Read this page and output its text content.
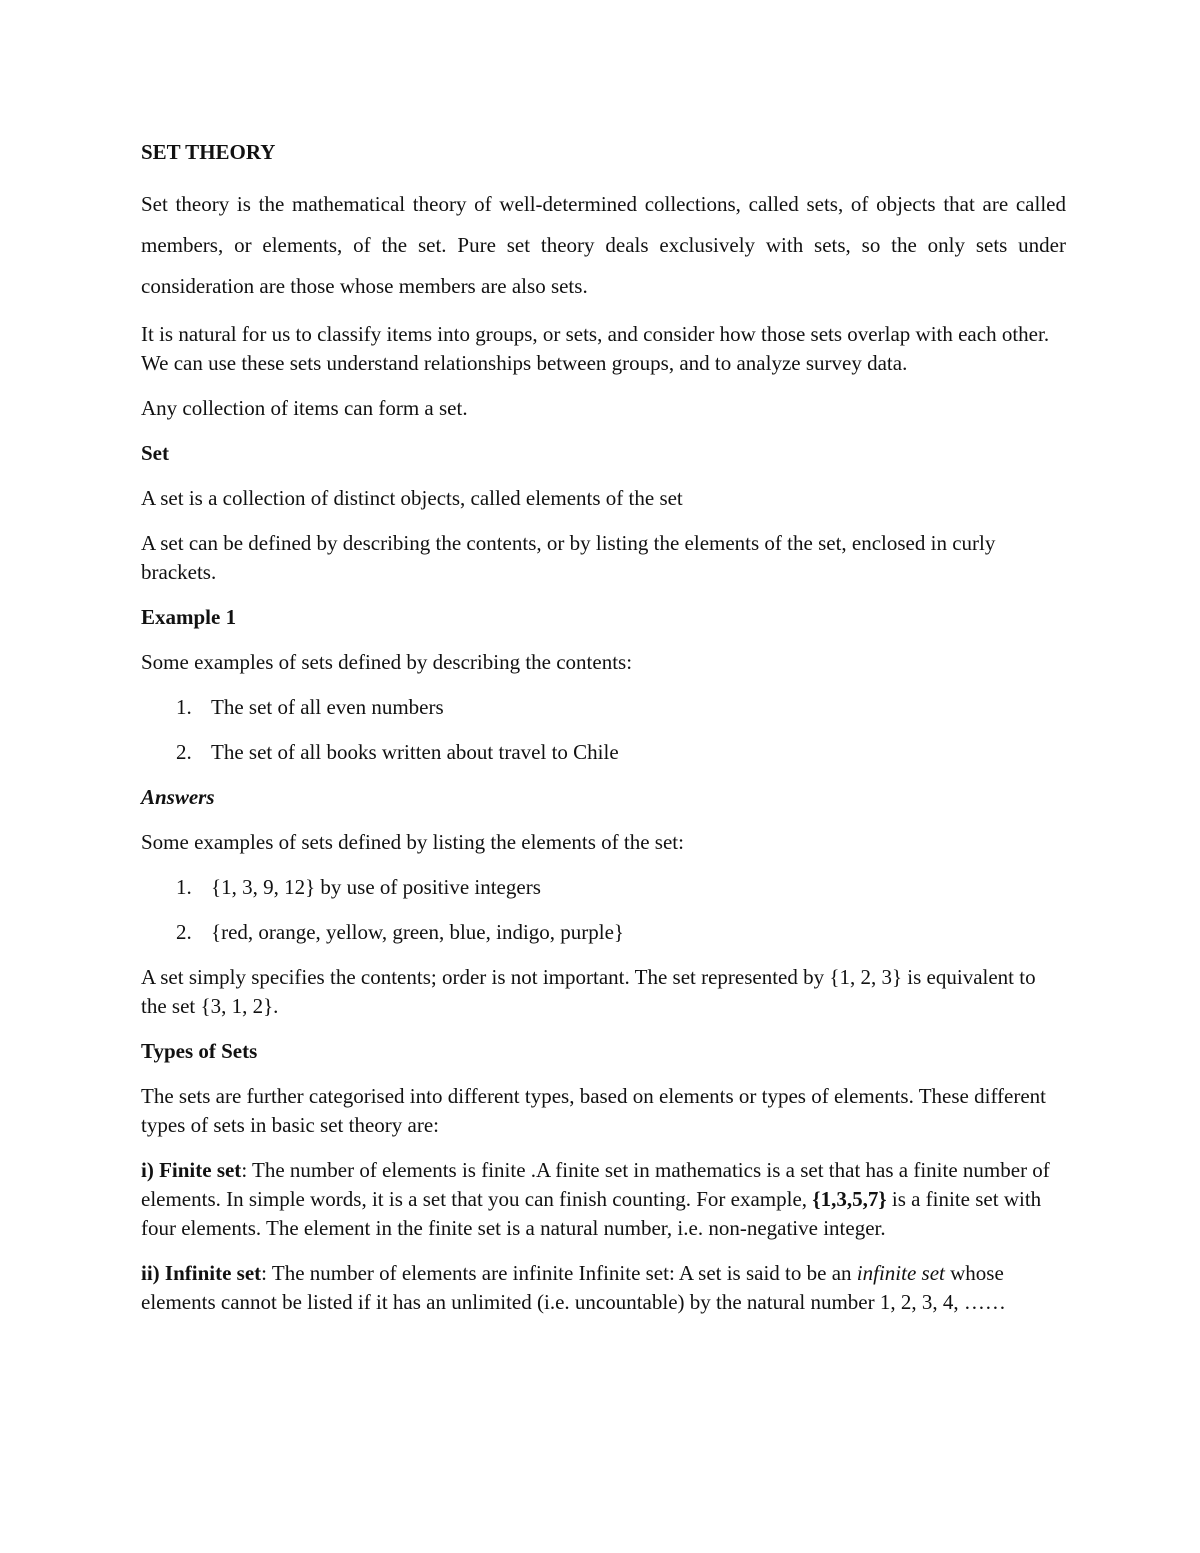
SET THEORY

Set theory is the mathematical theory of well-determined collections, called sets, of objects that are called members, or elements, of the set. Pure set theory deals exclusively with sets, so the only sets under consideration are those whose members are also sets.

It is natural for us to classify items into groups, or sets, and consider how those sets overlap with each other. We can use these sets understand relationships between groups, and to analyze survey data.

Any collection of items can form a set.

Set

A set is a collection of distinct objects, called elements of the set

A set can be defined by describing the contents, or by listing the elements of the set, enclosed in curly brackets.

Example 1

Some examples of sets defined by describing the contents:

1. The set of all even numbers
2. The set of all books written about travel to Chile

Answers

Some examples of sets defined by listing the elements of the set:

1. {1, 3, 9, 12} by use of positive integers
2. {red, orange, yellow, green, blue, indigo, purple}

A set simply specifies the contents; order is not important. The set represented by {1, 2, 3} is equivalent to the set {3, 1, 2}.

Types of Sets

The sets are further categorised into different types, based on elements or types of elements. These different types of sets in basic set theory are:

i) Finite set: The number of elements is finite .A finite set in mathematics is a set that has a finite number of elements. In simple words, it is a set that you can finish counting. For example, {1,3,5,7} is a finite set with four elements. The element in the finite set is a natural number, i.e. non-negative integer.

ii) Infinite set: The number of elements are infinite Infinite set: A set is said to be an infinite set whose elements cannot be listed if it has an unlimited (i.e. uncountable) by the natural number 1, 2, 3, 4, ……
